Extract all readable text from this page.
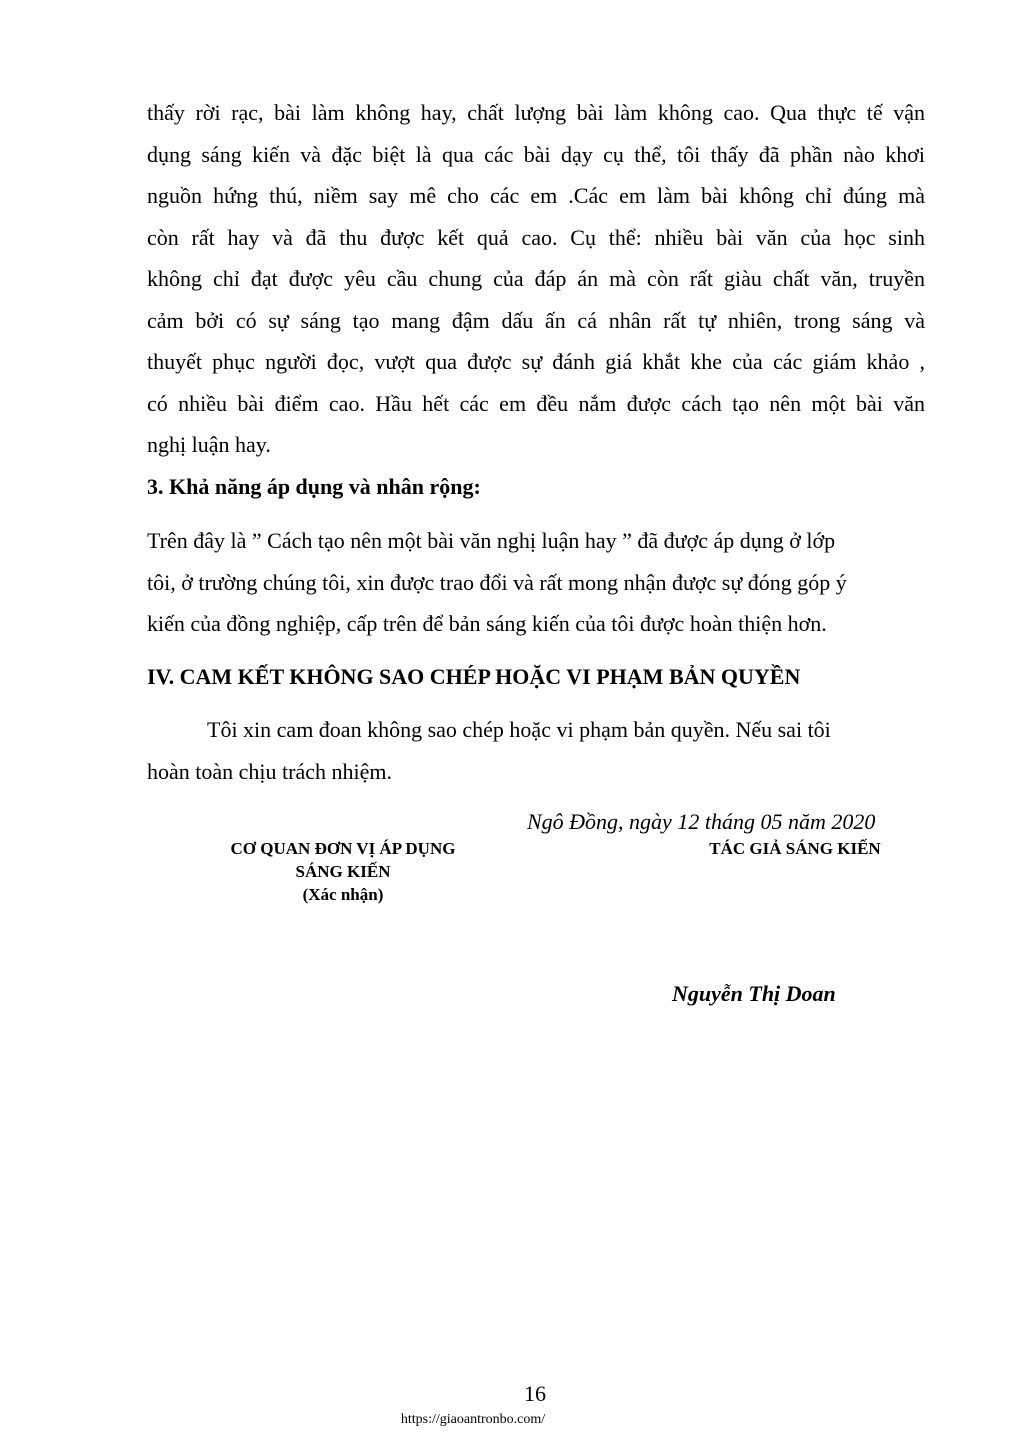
thấy rời rạc, bài làm không hay, chất lượng bài làm không cao. Qua thực tế vận
dụng sáng kiến và đặc biệt là qua các bài dạy cụ thể, tôi thấy đã phần nào khơi
nguồn hứng thú, niềm say mê cho các em .Các em làm bài không chỉ đúng mà
còn rất hay và đã thu được kết quả cao. Cụ thể: nhiều bài văn của học sinh
không chỉ đạt được yêu cầu chung của đáp án mà còn rất giàu chất văn, truyền
cảm bởi có sự sáng tạo mang đậm dấu ấn cá nhân rất tự nhiên, trong sáng và
thuyết phục người đọc, vượt qua được sự đánh giá khắt khe của các giám khảo ,
có nhiều bài điểm cao. Hầu hết các em đều nắm được cách tạo nên một bài văn
nghị luận hay.
3. Khả năng áp dụng và nhân rộng:
Trên đây là ” Cách tạo nên một bài văn nghị luận hay ” đã được áp dụng ở lớp
tôi, ở trường chúng tôi, xin được trao đổi và rất mong nhận được sự đóng góp ý
kiến của đồng nghiệp, cấp trên để bản sáng kiến của tôi được hoàn thiện hơn.
IV. CAM KẾT KHÔNG SAO CHÉP HOẶC VI PHẠM BẢN QUYỀN
Tôi xin cam đoan không sao chép hoặc vi phạm bản quyền. Nếu sai tôi
hoàn toàn chịu trách nhiệm.
Ngô Đồng, ngày 12 tháng 05 năm 2020
CƠ QUAN ĐƠN VỊ ÁP DỤNG
SÁNG KIẾN
(Xác nhận)
TÁC GIẢ SÁNG KIẾN
Nguyễn Thị Doan
16
https://giaoantronbo.com/
